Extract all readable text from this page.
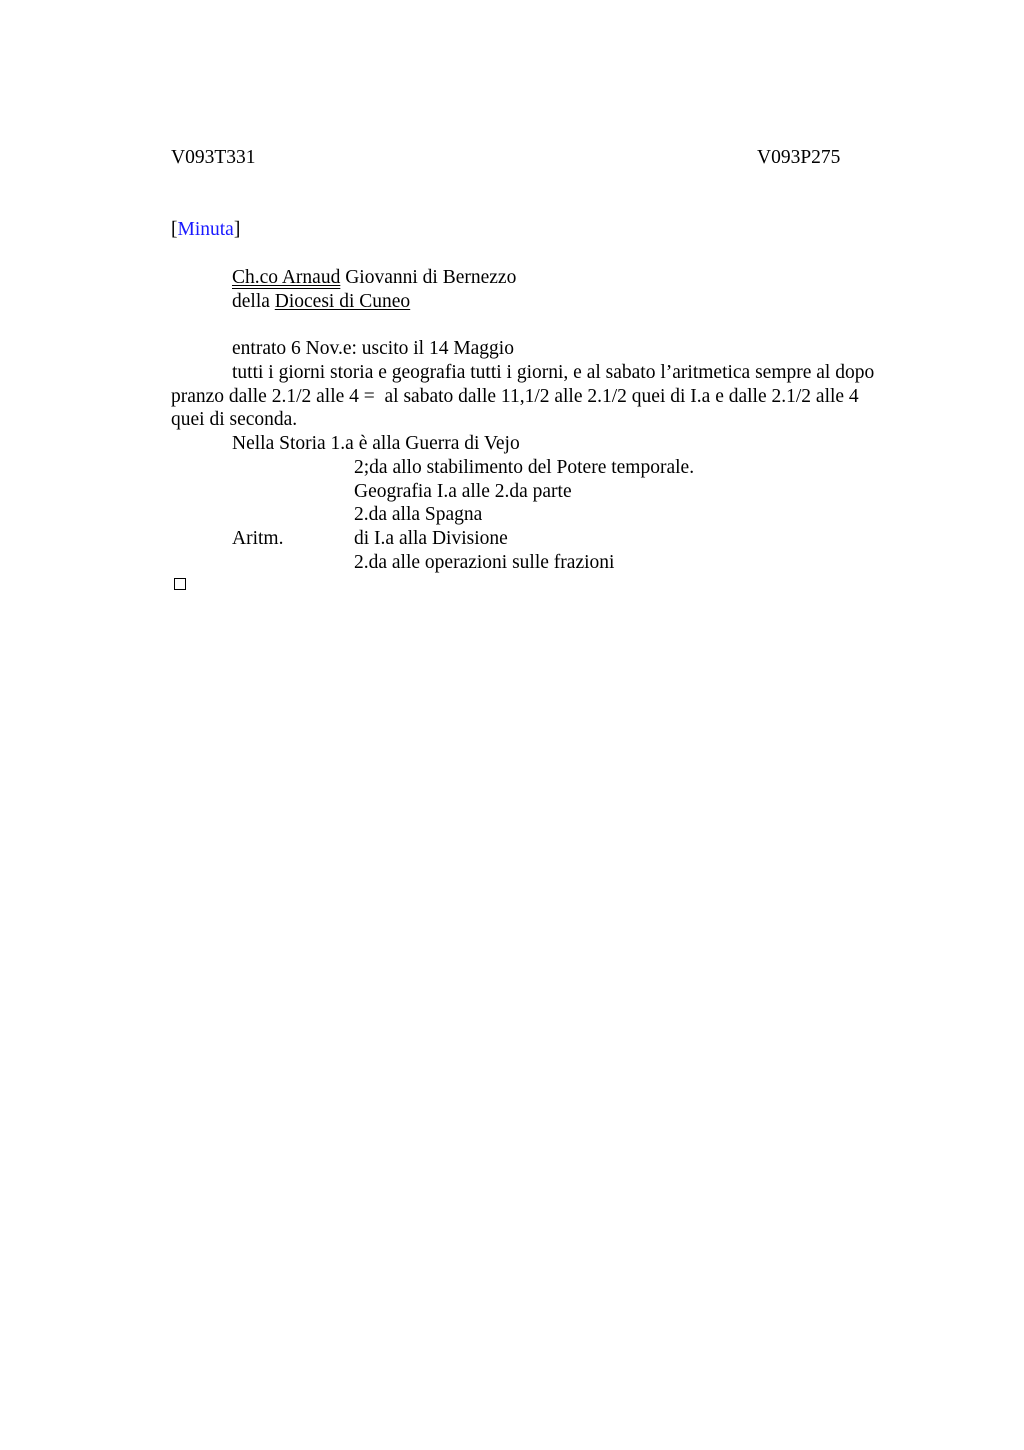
V093T331	V093P275
[Minuta]
Ch.co Arnaud Giovanni di Bernezzo
della Diocesi di Cuneo
entrato 6 Nov.e: uscito il 14 Maggio
tutti i giorni storia e geografia tutti i giorni, e al sabato l’aritmetica sempre al dopo
pranzo dalle 2.1/2 alle 4 =  al sabato dalle 11,1/2 alle 2.1/2 quei di I.a e dalle 2.1/2 alle 4
quei di seconda.
Nella Storia 1.a è alla Guerra di Vejo
2;da allo stabilimento del Potere temporale.
Geografia I.a alle 2.da parte
2.da alla Spagna
Aritm.	di I.a alla Divisione
2.da alle operazioni sulle frazioni
